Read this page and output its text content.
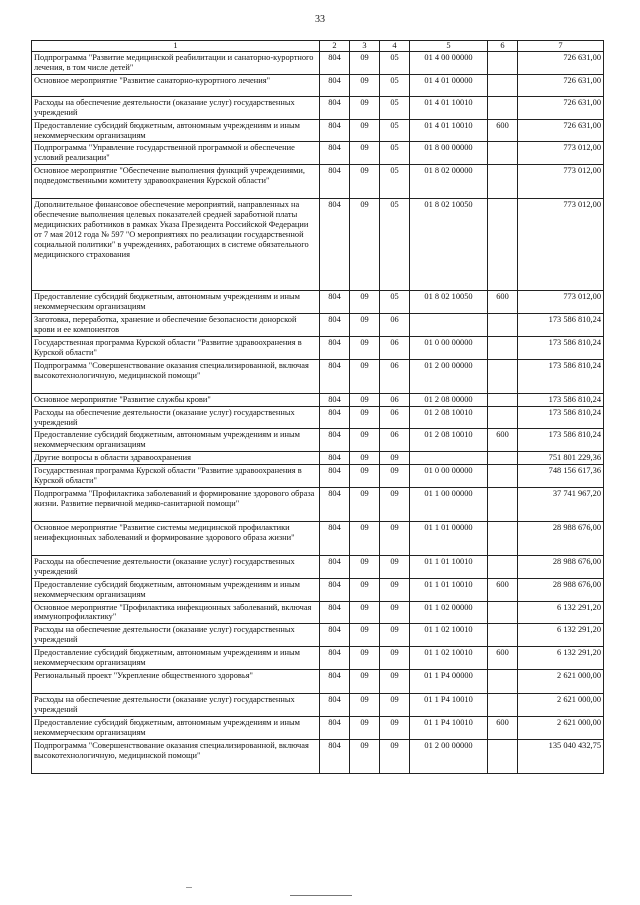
33
1	2	3	4	5	6	7
Подпрограмма "Развитие медицинской реабилитации и санаторно-курортного лечения, в том числе детей"	804	09	05	01 4 00 00000		726 631,00
Основное мероприятие "Развитие санаторно-курортного лечения"	804	09	05	01 4 01 00000		726 631,00
Расходы на обеспечение деятельности (оказание услуг) государственных учреждений	804	09	05	01 4 01 10010		726 631,00
Предоставление субсидий бюджетным, автономным учреждениям и иным некоммерческим организациям	804	09	05	01 4 01 10010	600	726 631,00
Подпрограмма "Управление государственной программой и обеспечение условий реализации"	804	09	05	01 8 00 00000		773 012,00
Основное мероприятие "Обеспечение выполнения функций учреждениями, подведомственными комитету здравоохранения Курской области"	804	09	05	01 8 02 00000		773 012,00
Дополнительное финансовое обеспечение мероприятий, направленных на обеспечение выполнения целевых показателей средней заработной платы медицинских работников в рамках Указа Президента Российской Федерации от 7 мая 2012 года № 597 "О мероприятиях по реализации государственной социальной политики" в учреждениях, работающих в системе обязательного медицинского страхования	804	09	05	01 8 02 10050		773 012,00
Предоставление субсидий бюджетным, автономным учреждениям и иным некоммерческим организациям	804	09	05	01 8 02 10050	600	773 012,00
Заготовка, переработка, хранение и обеспечение безопасности донорской крови и ее компонентов	804	09	06			173 586 810,24
Государственная программа Курской области "Развитие здравоохранения в Курской области"	804	09	06	01 0 00 00000		173 586 810,24
Подпрограмма "Совершенствование оказания специализированной, включая высокотехнологичную, медицинской помощи"	804	09	06	01 2 00 00000		173 586 810,24
Основное мероприятие "Развитие службы крови"	804	09	06	01 2 08 00000		173 586 810,24
Расходы на обеспечение деятельности (оказание услуг) государственных учреждений	804	09	06	01 2 08 10010		173 586 810,24
Предоставление субсидий бюджетным, автономным учреждениям и иным некоммерческим организациям	804	09	06	01 2 08 10010	600	173 586 810,24
Другие вопросы в области здравоохранения	804	09	09			751 801 229,36
Государственная программа Курской области "Развитие здравоохранения в Курской области"	804	09	09	01 0 00 00000		748 156 617,36
Подпрограмма "Профилактика заболеваний и формирование здорового образа жизни. Развитие первичной медико-санитарной помощи"	804	09	09	01 1 00 00000		37 741 967,20
Основное мероприятие "Развитие системы медицинской профилактики неинфекционных заболеваний и формирование здорового образа жизни"	804	09	09	01 1 01 00000		28 988 676,00
Расходы на обеспечение деятельности (оказание услуг) государственных учреждений	804	09	09	01 1 01 10010		28 988 676,00
Предоставление субсидий бюджетным, автономным учреждениям и иным некоммерческим организациям	804	09	09	01 1 01 10010	600	28 988 676,00
Основное мероприятие "Профилактика инфекционных заболеваний, включая иммунопрофилактику"	804	09	09	01 1 02 00000		6 132 291,20
Расходы на обеспечение деятельности (оказание услуг) государственных учреждений	804	09	09	01 1 02 10010		6 132 291,20
Предоставление субсидий бюджетным, автономным учреждениям и иным некоммерческим организациям	804	09	09	01 1 02 10010	600	6 132 291,20
Региональный проект "Укрепление общественного здоровья"	804	09	09	01 1 P4 00000		2 621 000,00
Расходы на обеспечение деятельности (оказание услуг) государственных учреждений	804	09	09	01 1 P4 10010		2 621 000,00
Предоставление субсидий бюджетным, автономным учреждениям и иным некоммерческим организациям	804	09	09	01 1 P4 10010	600	2 621 000,00
Подпрограмма "Совершенствование оказания специализированной, включая высокотехнологичную, медицинской помощи"	804	09	09	01 2 00 00000		135 040 432,75
